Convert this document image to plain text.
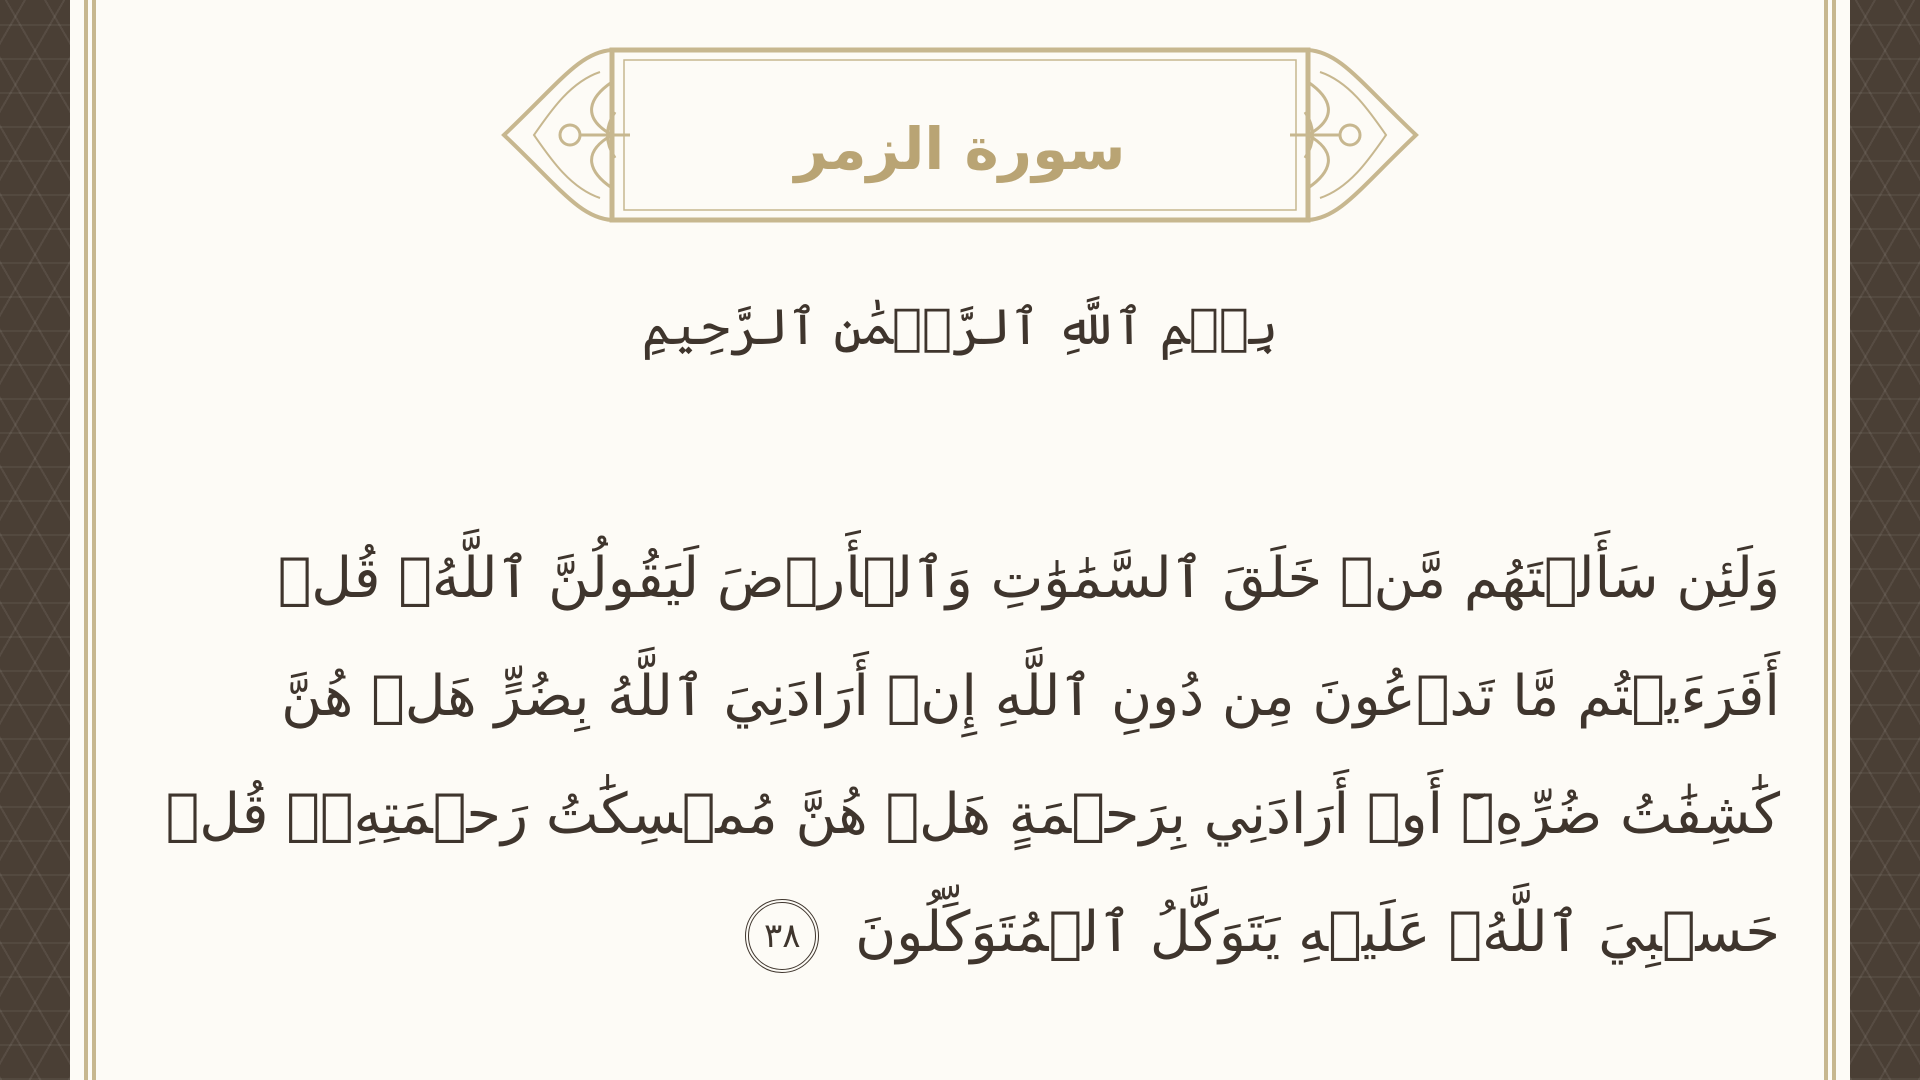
سورة الزمر
بِسۡمِ ٱللَّهِ ٱلرَّحۡمَٰنِ ٱلرَّحِيمِ
وَلَئِن سَأَلۡتَهُم مَّنۡ خَلَقَ ٱلسَّمَٰوَٰتِ وَٱلۡأَرۡضَ لَيَقُولُنَّ ٱللَّهُۚ قُلۡ أَفَرَءَيۡتُم مَّا تَدۡعُونَ مِن دُونِ ٱللَّهِ إِنۡ أَرَادَنِيَ ٱللَّهُ بِضُرٍّ هَلۡ هُنَّ كَٰشِفَٰتُ ضُرِّهِۦٓ أَوۡ أَرَادَنِي بِرَحۡمَةٍ هَلۡ هُنَّ مُمۡسِكَٰتُ رَحۡمَتِهِۦۚ قُلۡ حَسۡبِيَ ٱللَّهُۖ عَلَيۡهِ يَتَوَكَّلُ ٱلۡمُتَوَكِّلُونَ
٣٨
